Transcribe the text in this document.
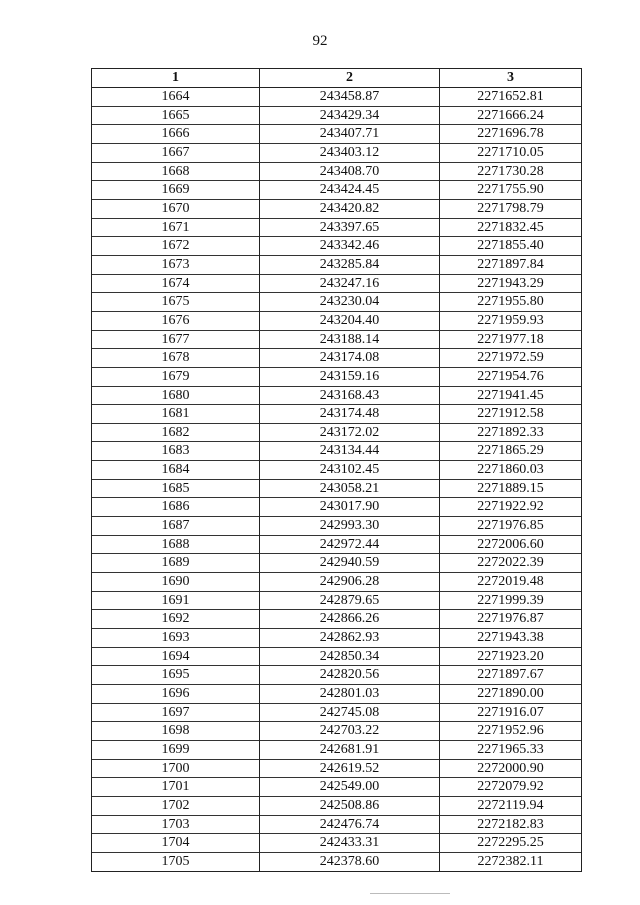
92
1	2	3
1664	243458.87	2271652.81
1665	243429.34	2271666.24
1666	243407.71	2271696.78
1667	243403.12	2271710.05
1668	243408.70	2271730.28
1669	243424.45	2271755.90
1670	243420.82	2271798.79
1671	243397.65	2271832.45
1672	243342.46	2271855.40
1673	243285.84	2271897.84
1674	243247.16	2271943.29
1675	243230.04	2271955.80
1676	243204.40	2271959.93
1677	243188.14	2271977.18
1678	243174.08	2271972.59
1679	243159.16	2271954.76
1680	243168.43	2271941.45
1681	243174.48	2271912.58
1682	243172.02	2271892.33
1683	243134.44	2271865.29
1684	243102.45	2271860.03
1685	243058.21	2271889.15
1686	243017.90	2271922.92
1687	242993.30	2271976.85
1688	242972.44	2272006.60
1689	242940.59	2272022.39
1690	242906.28	2272019.48
1691	242879.65	2271999.39
1692	242866.26	2271976.87
1693	242862.93	2271943.38
1694	242850.34	2271923.20
1695	242820.56	2271897.67
1696	242801.03	2271890.00
1697	242745.08	2271916.07
1698	242703.22	2271952.96
1699	242681.91	2271965.33
1700	242619.52	2272000.90
1701	242549.00	2272079.92
1702	242508.86	2272119.94
1703	242476.74	2272182.83
1704	242433.31	2272295.25
1705	242378.60	2272382.11
